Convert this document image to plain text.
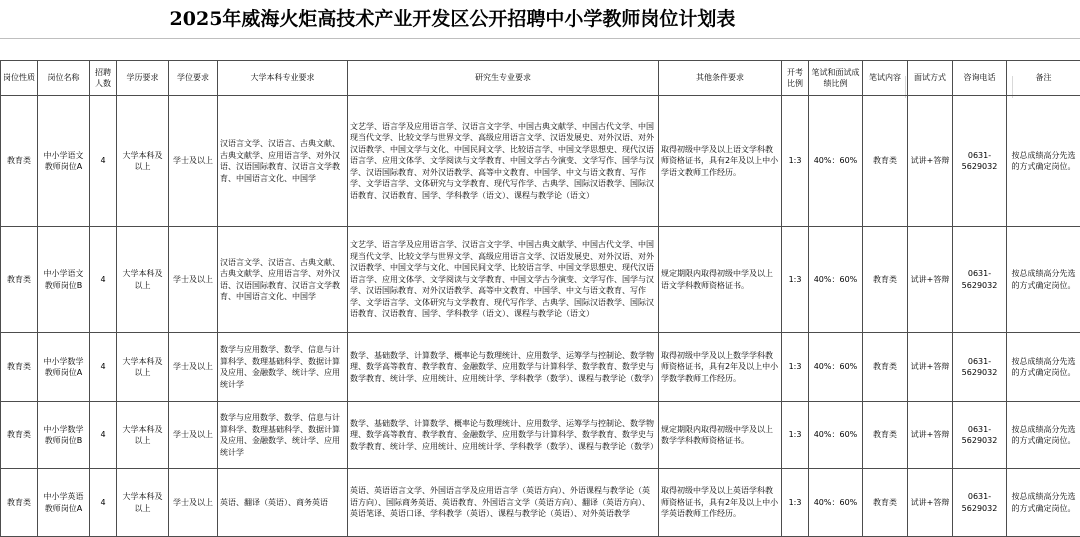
2025年威海火炬高技术产业开发区公开招聘中小学教师岗位计划表
岗位性质	岗位名称	招聘人数	学历要求	学位要求	大学本科专业要求	研究生专业要求	其他条件要求	开考比例	笔试和面试成绩比例	笔试内容	面试方式	咨询电话	备注
教育类	中小学语文教师岗位A	4	大学本科及以上	学士及以上	汉语言文学、汉语言、古典文献、古典文献学、应用语言学、对外汉语、汉语国际教育、汉语言文学教育、中国语言文化、中国学	文艺学、语言学及应用语言学、汉语言文字学、中国古典文献学、中国古代文学、中国现当代文学、比较文学与世界文学、高级应用语言文学、汉语发展史、对外汉语、对外汉语教学、中国文学与文化、中国民间文学、比较语言学、中国文学思想史、现代汉语语言学、应用文体学、文学阅读与文学教育、中国文学古今演变、文学写作、国学与汉学、汉语国际教育、对外汉语教学、高等中文教育、中国学、中文与语文教育、写作学、文学语言学、文体研究与文学教育、现代写作学、古典学、国际汉语教学、国际汉语教育、汉语教育、国学、学科教学（语文）、课程与教学论（语文）	取得初级中学及以上语文学科教师资格证书，具有2年及以上中小学语文教师工作经历。	1:3	40%：60%	教育类	试讲+答辩	0631-5629032	按总成绩高分先选的方式确定岗位。
教育类	中小学语文教师岗位B	4	大学本科及以上	学士及以上	汉语言文学、汉语言、古典文献、古典文献学、应用语言学、对外汉语、汉语国际教育、汉语言文学教育、中国语言文化、中国学	文艺学、语言学及应用语言学、汉语言文字学、中国古典文献学、中国古代文学、中国现当代文学、比较文学与世界文学、高级应用语言文学、汉语发展史、对外汉语、对外汉语教学、中国文学与文化、中国民间文学、比较语言学、中国文学思想史、现代汉语语言学、应用文体学、文学阅读与文学教育、中国文学古今演变、文学写作、国学与汉学、汉语国际教育、对外汉语教学、高等中文教育、中国学、中文与语文教育、写作学、文学语言学、文体研究与文学教育、现代写作学、古典学、国际汉语教学、国际汉语教育、汉语教育、国学、学科教学（语文）、课程与教学论（语文）	规定期限内取得初级中学及以上语文学科教师资格证书。	1:3	40%：60%	教育类	试讲+答辩	0631-5629032	按总成绩高分先选的方式确定岗位。
教育类	中小学数学教师岗位A	4	大学本科及以上	学士及以上	数学与应用数学、数学、信息与计算科学、数理基础科学、数据计算及应用、金融数学、统计学、应用统计学	数学、基础数学、计算数学、概率论与数理统计、应用数学、运筹学与控制论、数学物理、数学高等教育、教学教育、金融数学、应用数学与计算科学、数学教育、数学史与数学教育、统计学、应用统计、应用统计学、学科教学（数学）、课程与教学论（数学）	取得初级中学及以上数学学科教师资格证书，具有2年及以上中小学数学教师工作经历。	1:3	40%：60%	教育类	试讲+答辩	0631-5629032	按总成绩高分先选的方式确定岗位。
教育类	中小学数学教师岗位B	4	大学本科及以上	学士及以上	数学与应用数学、数学、信息与计算科学、数理基础科学、数据计算及应用、金融数学、统计学、应用统计学	数学、基础数学、计算数学、概率论与数理统计、应用数学、运筹学与控制论、数学物理、数学高等教育、教学教育、金融数学、应用数学与计算科学、数学教育、数学史与数学教育、统计学、应用统计、应用统计学、学科教学（数学）、课程与教学论（数学）	规定期限内取得初级中学及以上数学学科教师资格证书。	1:3	40%：60%	教育类	试讲+答辩	0631-5629032	按总成绩高分先选的方式确定岗位。
教育类	中小学英语教师岗位A	4	大学本科及以上	学士及以上	英语、翻译（英语）、商务英语	英语、英语语言文学、外国语言学及应用语言学（英语方向）、外语课程与教学论（英语方向）、国际商务英语、英语教育、外国语言文学（英语方向）、翻译（英语方向）、英语笔译、英语口译、学科教学（英语）、课程与教学论（英语）、对外英语教学	取得初级中学及以上英语学科教师资格证书，具有2年及以上中小学英语教师工作经历。	1:3	40%：60%	教育类	试讲+答辩	0631-5629032	按总成绩高分先选的方式确定岗位。
